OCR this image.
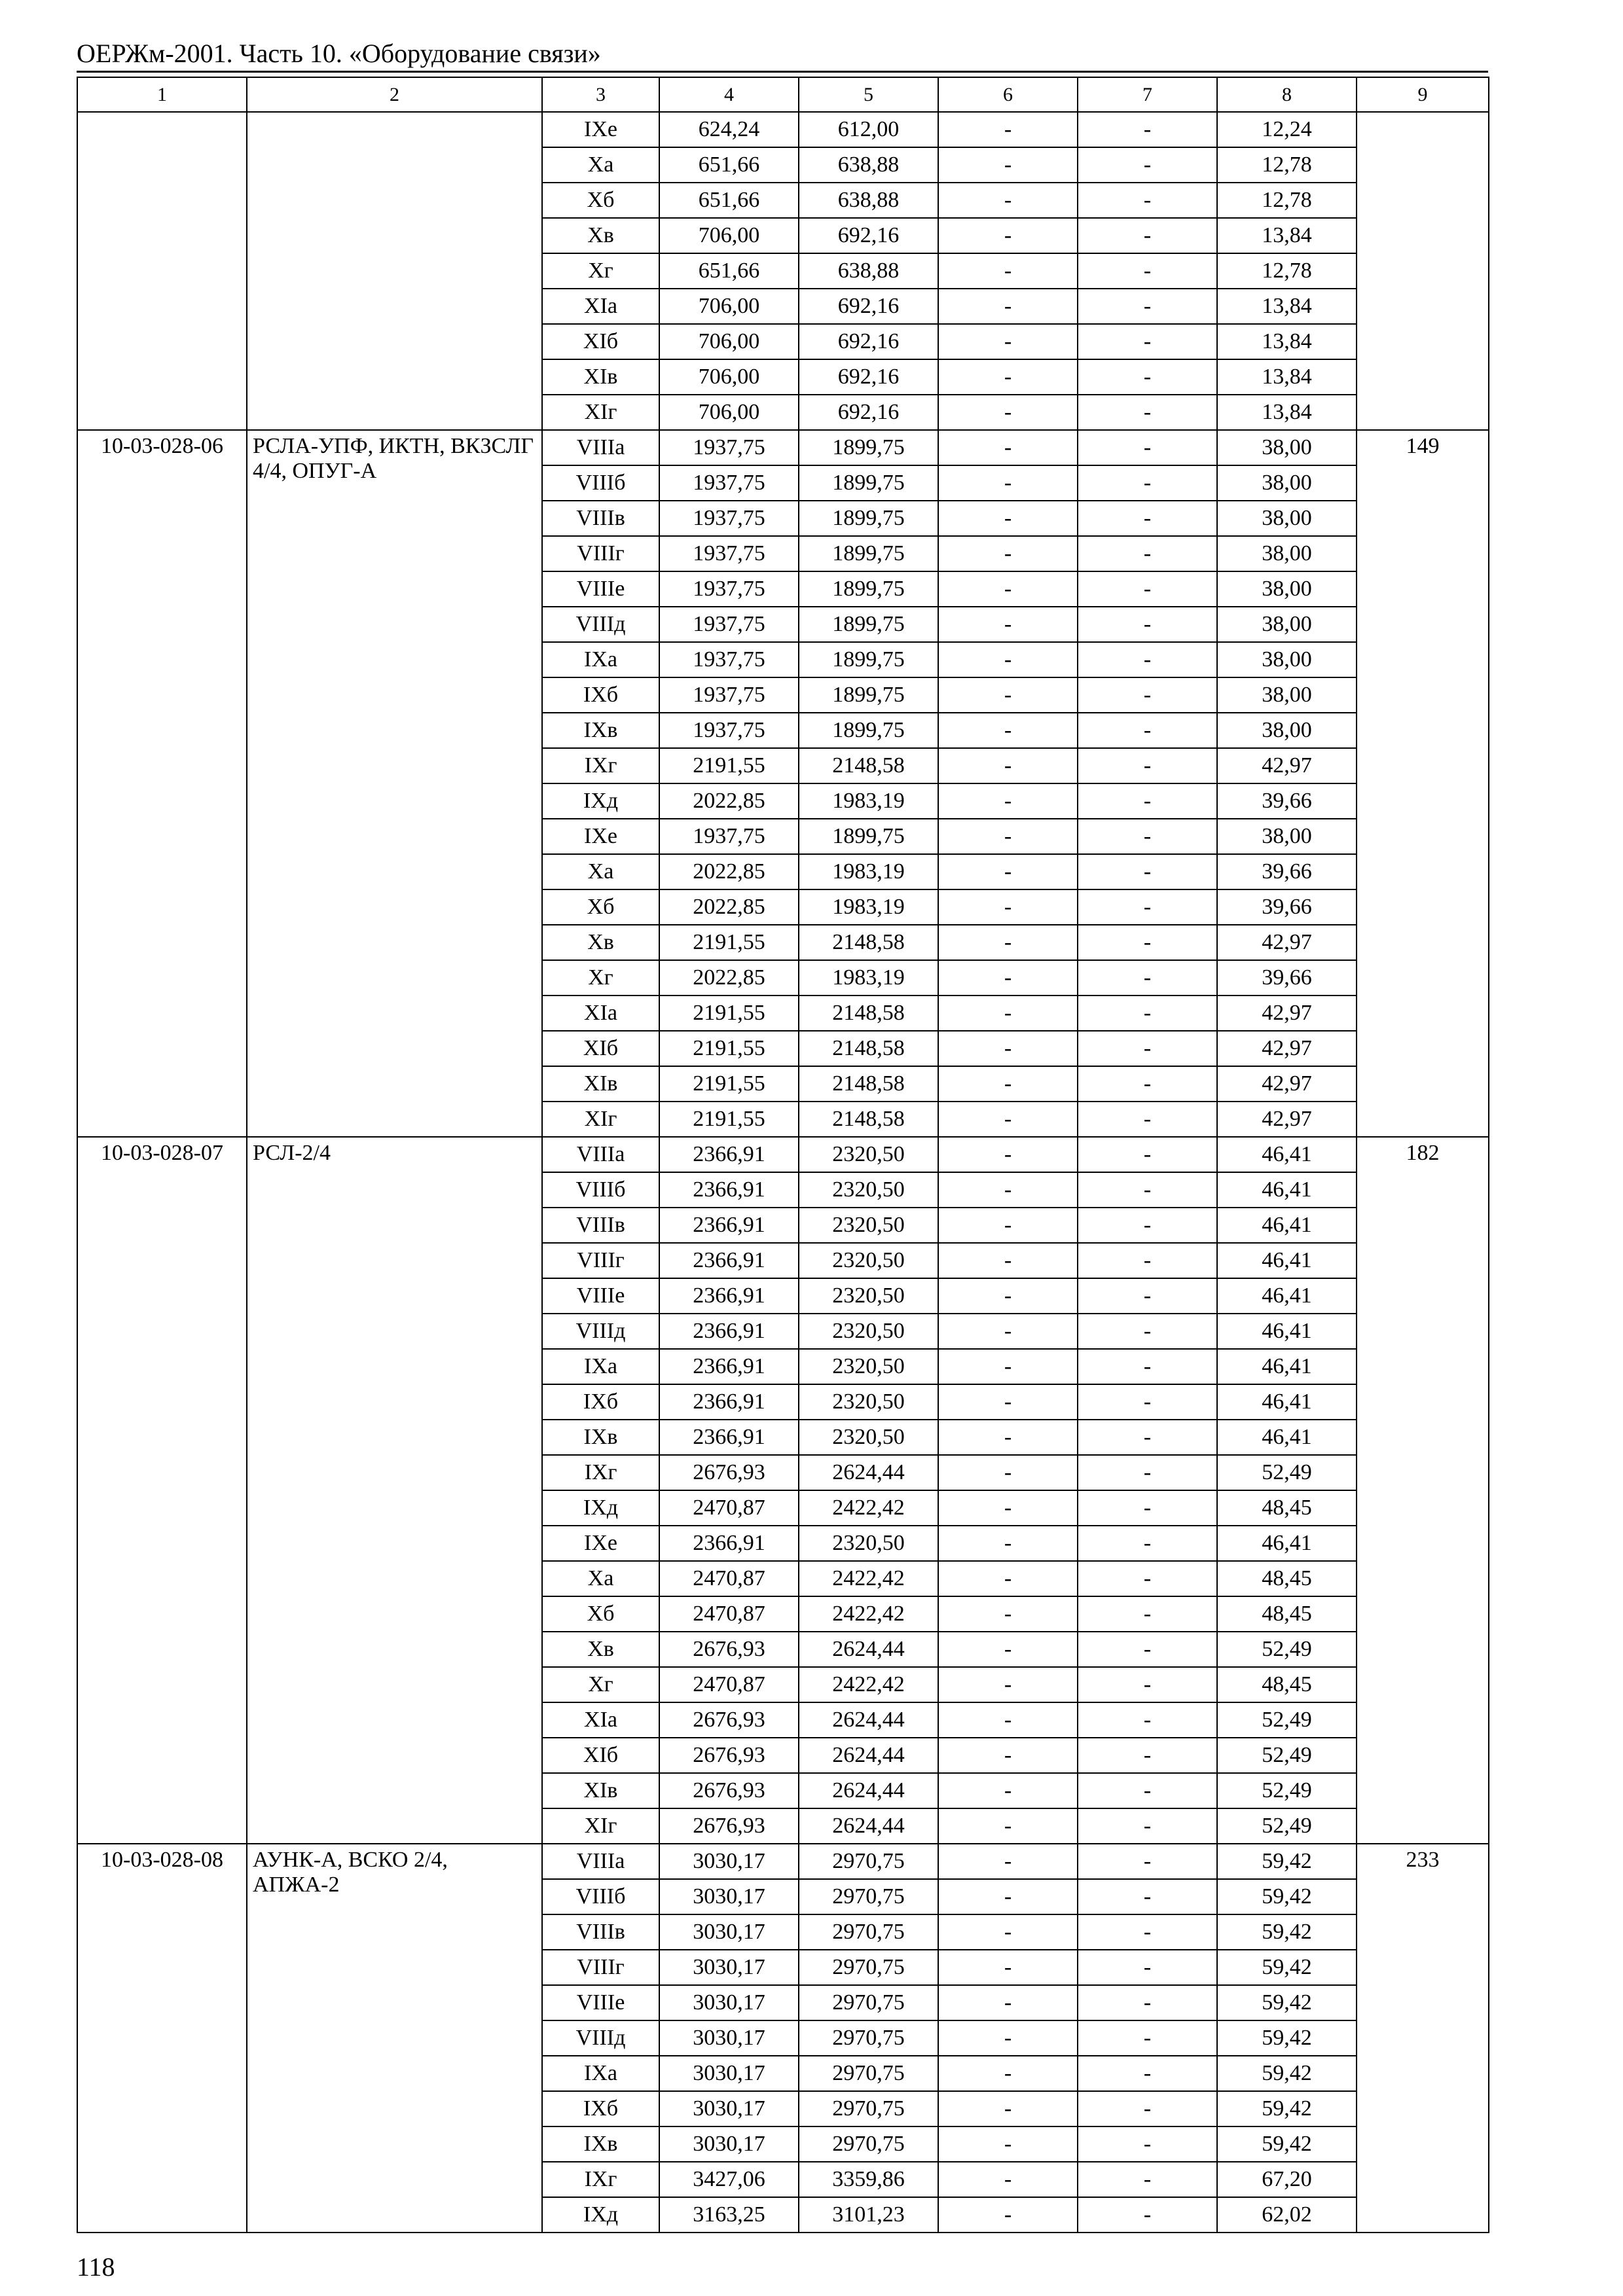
ОЕРЖм-2001. Часть 10. «Оборудование связи»
1	2	3	4	5	6	7	8	9
		IXе	624,24	612,00	-	-	12,24	
		Xа	651,66	638,88	-	-	12,78	
		Xб	651,66	638,88	-	-	12,78	
		Xв	706,00	692,16	-	-	13,84	
		Xг	651,66	638,88	-	-	12,78	
		XIа	706,00	692,16	-	-	13,84	
		XIб	706,00	692,16	-	-	13,84	
		XIв	706,00	692,16	-	-	13,84	
		XIг	706,00	692,16	-	-	13,84	
10-03-028-06	РСЛА-УПФ, ИКТН, ВКЗСЛГ 4/4, ОПУГ-А	VIIIа	1937,75	1899,75	-	-	38,00	149
		VIIIб	1937,75	1899,75	-	-	38,00	
		VIIIв	1937,75	1899,75	-	-	38,00	
		VIIIг	1937,75	1899,75	-	-	38,00	
		VIIIе	1937,75	1899,75	-	-	38,00	
		VIIIд	1937,75	1899,75	-	-	38,00	
		IXа	1937,75	1899,75	-	-	38,00	
		IXб	1937,75	1899,75	-	-	38,00	
		IXв	1937,75	1899,75	-	-	38,00	
		IXг	2191,55	2148,58	-	-	42,97	
		IXд	2022,85	1983,19	-	-	39,66	
		IXе	1937,75	1899,75	-	-	38,00	
		Xа	2022,85	1983,19	-	-	39,66	
		Xб	2022,85	1983,19	-	-	39,66	
		Xв	2191,55	2148,58	-	-	42,97	
		Xг	2022,85	1983,19	-	-	39,66	
		XIа	2191,55	2148,58	-	-	42,97	
		XIб	2191,55	2148,58	-	-	42,97	
		XIв	2191,55	2148,58	-	-	42,97	
		XIг	2191,55	2148,58	-	-	42,97	
10-03-028-07	РСЛ-2/4	VIIIа	2366,91	2320,50	-	-	46,41	182
		VIIIб	2366,91	2320,50	-	-	46,41	
		VIIIв	2366,91	2320,50	-	-	46,41	
		VIIIг	2366,91	2320,50	-	-	46,41	
		VIIIе	2366,91	2320,50	-	-	46,41	
		VIIIд	2366,91	2320,50	-	-	46,41	
		IXа	2366,91	2320,50	-	-	46,41	
		IXб	2366,91	2320,50	-	-	46,41	
		IXв	2366,91	2320,50	-	-	46,41	
		IXг	2676,93	2624,44	-	-	52,49	
		IXд	2470,87	2422,42	-	-	48,45	
		IXе	2366,91	2320,50	-	-	46,41	
		Xа	2470,87	2422,42	-	-	48,45	
		Xб	2470,87	2422,42	-	-	48,45	
		Xв	2676,93	2624,44	-	-	52,49	
		Xг	2470,87	2422,42	-	-	48,45	
		XIа	2676,93	2624,44	-	-	52,49	
		XIб	2676,93	2624,44	-	-	52,49	
		XIв	2676,93	2624,44	-	-	52,49	
		XIг	2676,93	2624,44	-	-	52,49	
10-03-028-08	АУНК-А, ВСКО 2/4, АПЖА-2	VIIIа	3030,17	2970,75	-	-	59,42	233
		VIIIб	3030,17	2970,75	-	-	59,42	
		VIIIв	3030,17	2970,75	-	-	59,42	
		VIIIг	3030,17	2970,75	-	-	59,42	
		VIIIе	3030,17	2970,75	-	-	59,42	
		VIIIд	3030,17	2970,75	-	-	59,42	
		IXа	3030,17	2970,75	-	-	59,42	
		IXб	3030,17	2970,75	-	-	59,42	
		IXв	3030,17	2970,75	-	-	59,42	
		IXг	3427,06	3359,86	-	-	67,20	
		IXд	3163,25	3101,23	-	-	62,02	
118
